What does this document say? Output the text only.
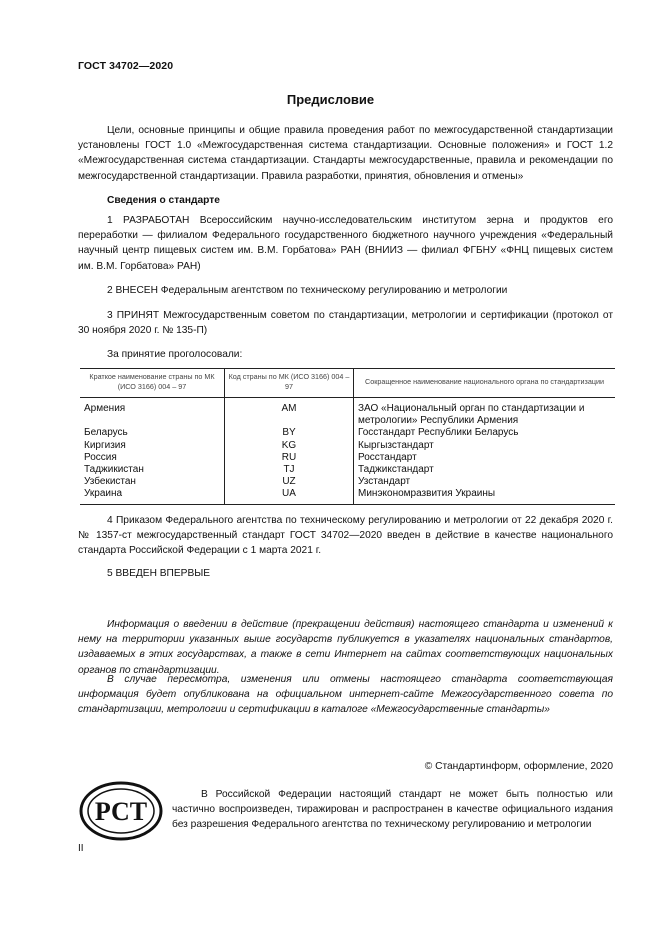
ГОСТ 34702—2020
Предисловие
Цели, основные принципы и общие правила проведения работ по межгосударственной стандартизации установлены ГОСТ 1.0 «Межгосударственная система стандартизации. Основные положения» и ГОСТ 1.2 «Межгосударственная система стандартизации. Стандарты межгосударственные, правила и рекомендации по межгосударственной стандартизации. Правила разработки, принятия, обновления и отмены»
Сведения о стандарте
1 РАЗРАБОТАН Всероссийским научно-исследовательским институтом зерна и продуктов его переработки — филиалом Федерального государственного бюджетного научного учреждения «Федеральный научный центр пищевых систем им. В.М. Горбатова» РАН (ВНИИЗ — филиал ФГБНУ «ФНЦ пищевых систем им. В.М. Горбатова» РАН)
2 ВНЕСЕН Федеральным агентством по техническому регулированию и метрологии
3 ПРИНЯТ Межгосударственным советом по стандартизации, метрологии и сертификации (протокол от 30 ноября 2020 г. № 135-П)
За принятие проголосовали:
Краткое наименование страны по МК (ИСО 3166) 004 – 97	Код страны по МК (ИСО 3166) 004 – 97	Сокращенное наименование национального органа по стандартизации
Армения	AM	ЗАО «Национальный орган по стандартизации и метрологии» Республики Армения
Беларусь	BY	Госстандарт Республики Беларусь
Киргизия	KG	Кыргызстандарт
Россия	RU	Росстандарт
Таджикистан	TJ	Таджикстандарт
Узбекистан	UZ	Узстандарт
Украина	UA	Минэкономразвития Украины
4 Приказом Федерального агентства по техническому регулированию и метрологии от 22 декабря 2020 г. № 1357-ст межгосударственный стандарт ГОСТ 34702—2020 введен в действие в качестве национального стандарта Российской Федерации с 1 марта 2021 г.
5 ВВЕДЕН ВПЕРВЫЕ
Информация о введении в действие (прекращении действия) настоящего стандарта и изменений к нему на территории указанных выше государств публикуется в указателях национальных стандартов, издаваемых в этих государствах, а также в сети Интернет на сайтах соответствующих национальных органов по стандартизации.
В случае пересмотра, изменения или отмены настоящего стандарта соответствующая информация будет опубликована на официальном интернет-сайте Межгосударственного совета по стандартизации, метрологии и сертификации в каталоге «Межгосударственные стандарты»
© Стандартинформ, оформление, 2020
РСТ
В Российской Федерации настоящий стандарт не может быть полностью или частично воспроизведен, тиражирован и распространен в качестве официального издания без разрешения Федерального агентства по техническому регулированию и метрологии
II
